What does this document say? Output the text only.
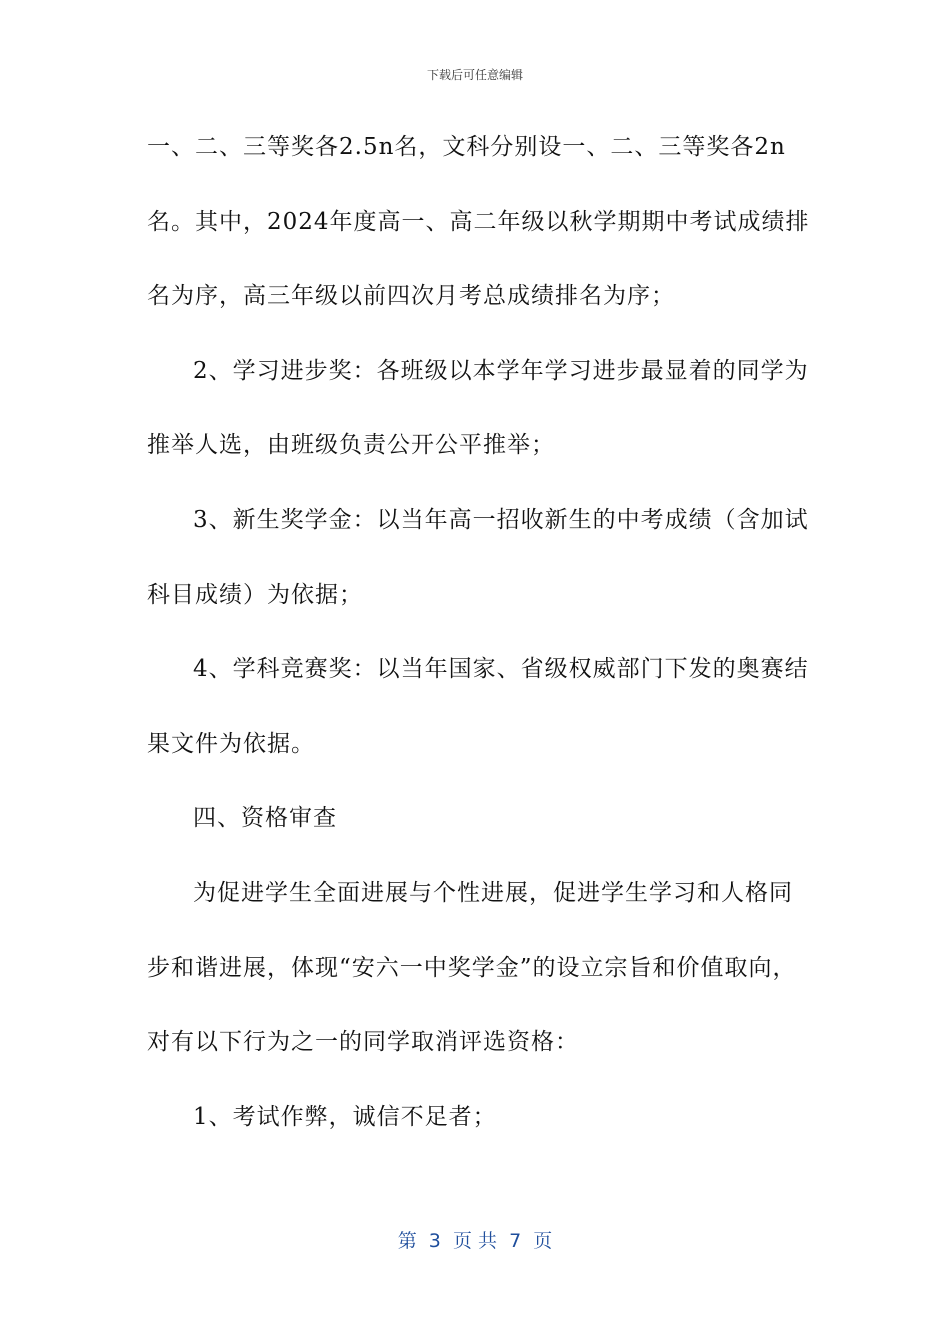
下载后可任意编辑
一、二、三等奖各2.5n名，文科分别设一、二、三等奖各2n
名。其中，2024年度高一、高二年级以秋学期期中考试成绩排
名为序，高三年级以前四次月考总成绩排名为序；
2、学习进步奖：各班级以本学年学习进步最显着的同学为
推举人选，由班级负责公开公平推举；
3、新生奖学金：以当年高一招收新生的中考成绩（含加试
科目成绩）为依据；
4、学科竞赛奖：以当年国家、省级权威部门下发的奥赛结
果文件为依据。
四、资格审查
为促进学生全面进展与个性进展，促进学生学习和人格同
步和谐进展，体现“安六一中奖学金”的设立宗旨和价值取向，
对有以下行为之一的同学取消评选资格：
1、考试作弊，诚信不足者；
第  3  页 共  7  页
